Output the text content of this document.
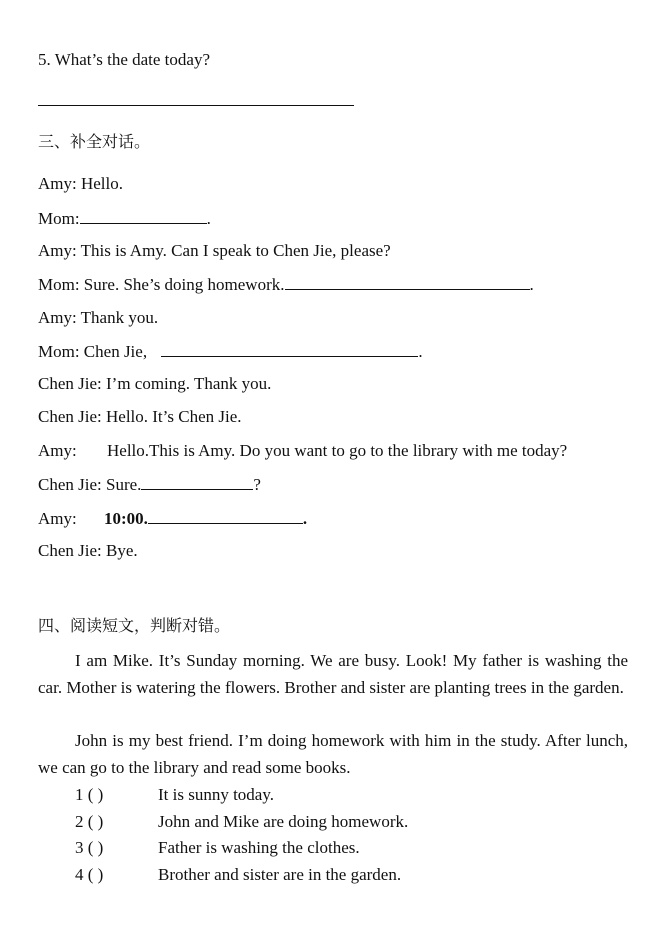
5. What’s the date today?
三、补全对话。
Amy: Hello.
Mom:	.
Amy: This is Amy. Can I speak to Chen Jie, please?
Mom: Sure. She’s doing homework.	.
Amy: Thank you.
Mom: Chen Jie,	.
Chen Jie: I’m coming. Thank you.
Chen Jie: Hello. It’s Chen Jie.
Amy: Hello.This is Amy. Do you want to go to the library with me today?
Chen Jie: Sure.	?
Amy: 10:00.	.
Chen Jie: Bye.
四、阅读短文，判断对错。
I am Mike. It’s Sunday morning. We are busy. Look! My father is washing the car. Mother is watering the flowers. Brother and sister are planting trees in the garden.
John is my best friend. I’m doing homework with him in the study. After lunch, we can go to the library and read some books.
1 ( )	It is sunny today.
2 ( )	John and Mike are doing homework.
3 ( )	Father is washing the clothes.
4 ( )	Brother and sister are in the garden.
